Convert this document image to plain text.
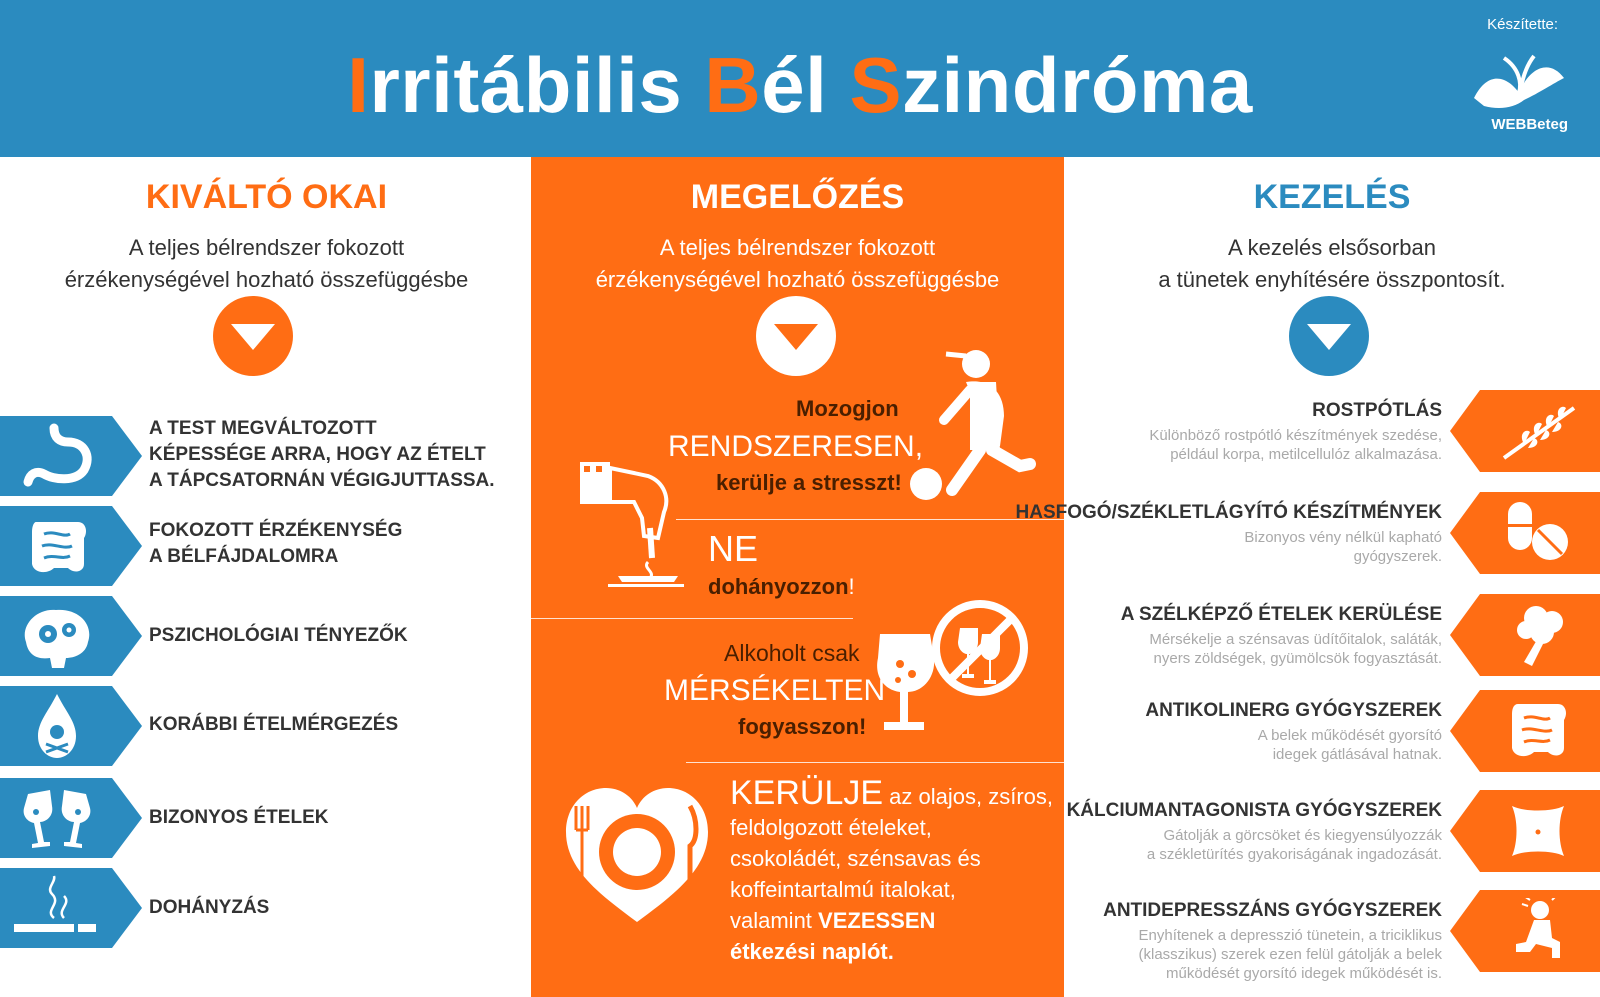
Irritábilis Bél Szindróma
Készítette:
WEBBeteg
KIVÁLTÓ OKAI
A teljes bélrendszer fokozott
érzékenységével hozható összefüggésbe
A TEST MEGVÁLTOZOTT
KÉPESSÉGE ARRA, HOGY AZ ÉTELT
A TÁPCSATORNÁN VÉGIGJUTTASSA.
FOKOZOTT ÉRZÉKENYSÉG
A BÉLFÁJDALOMRA
PSZICHOLÓGIAI TÉNYEZŐK
KORÁBBI ÉTELMÉRGEZÉS
BIZONYOS ÉTELEK
DOHÁNYZÁS
MEGELŐZÉS
A teljes bélrendszer fokozott
érzékenységével hozható összefüggésbe
Mozogjon
RENDSZERESEN,
kerülje a stresszt!
NE
dohányozzon!
Alkoholt csak
MÉRSÉKELTEN
fogyasszon!
KERÜLJE az olajos, zsíros,
feldolgozott ételeket,
csokoládét, szénsavas és
koffeintartalmú italokat,
valamint VEZESSEN
étkezési naplót.
KEZELÉS
A kezelés elsősorban
a tünetek enyhítésére összpontosít.
ROSTPÓTLÁS
Különböző rostpótló készítmények szedése,
például korpa, metilcellulóz alkalmazása.
HASFOGÓ/SZÉKLETLÁGYÍTÓ KÉSZÍTMÉNYEK
Bizonyos vény nélkül kapható
gyógyszerek.
A SZÉLKÉPZŐ ÉTELEK KERÜLÉSE
Mérsékelje a szénsavas üdítőitalok, saláták,
nyers zöldségek, gyümölcsök fogyasztását.
ANTIKOLINERG GYÓGYSZEREK
A belek működését gyorsító
idegek gátlásával hatnak.
KÁLCIUMANTAGONISTA GYÓGYSZEREK
Gátolják a görcsöket és kiegyensúlyozzák
a székletürítés gyakoriságának ingadozását.
ANTIDEPRESSZÁNS GYÓGYSZEREK
Enyhítenek a depresszió tünetein, a triciklikus
(klasszikus) szerek ezen felül gátolják a belek
működését gyorsító idegek működését is.
